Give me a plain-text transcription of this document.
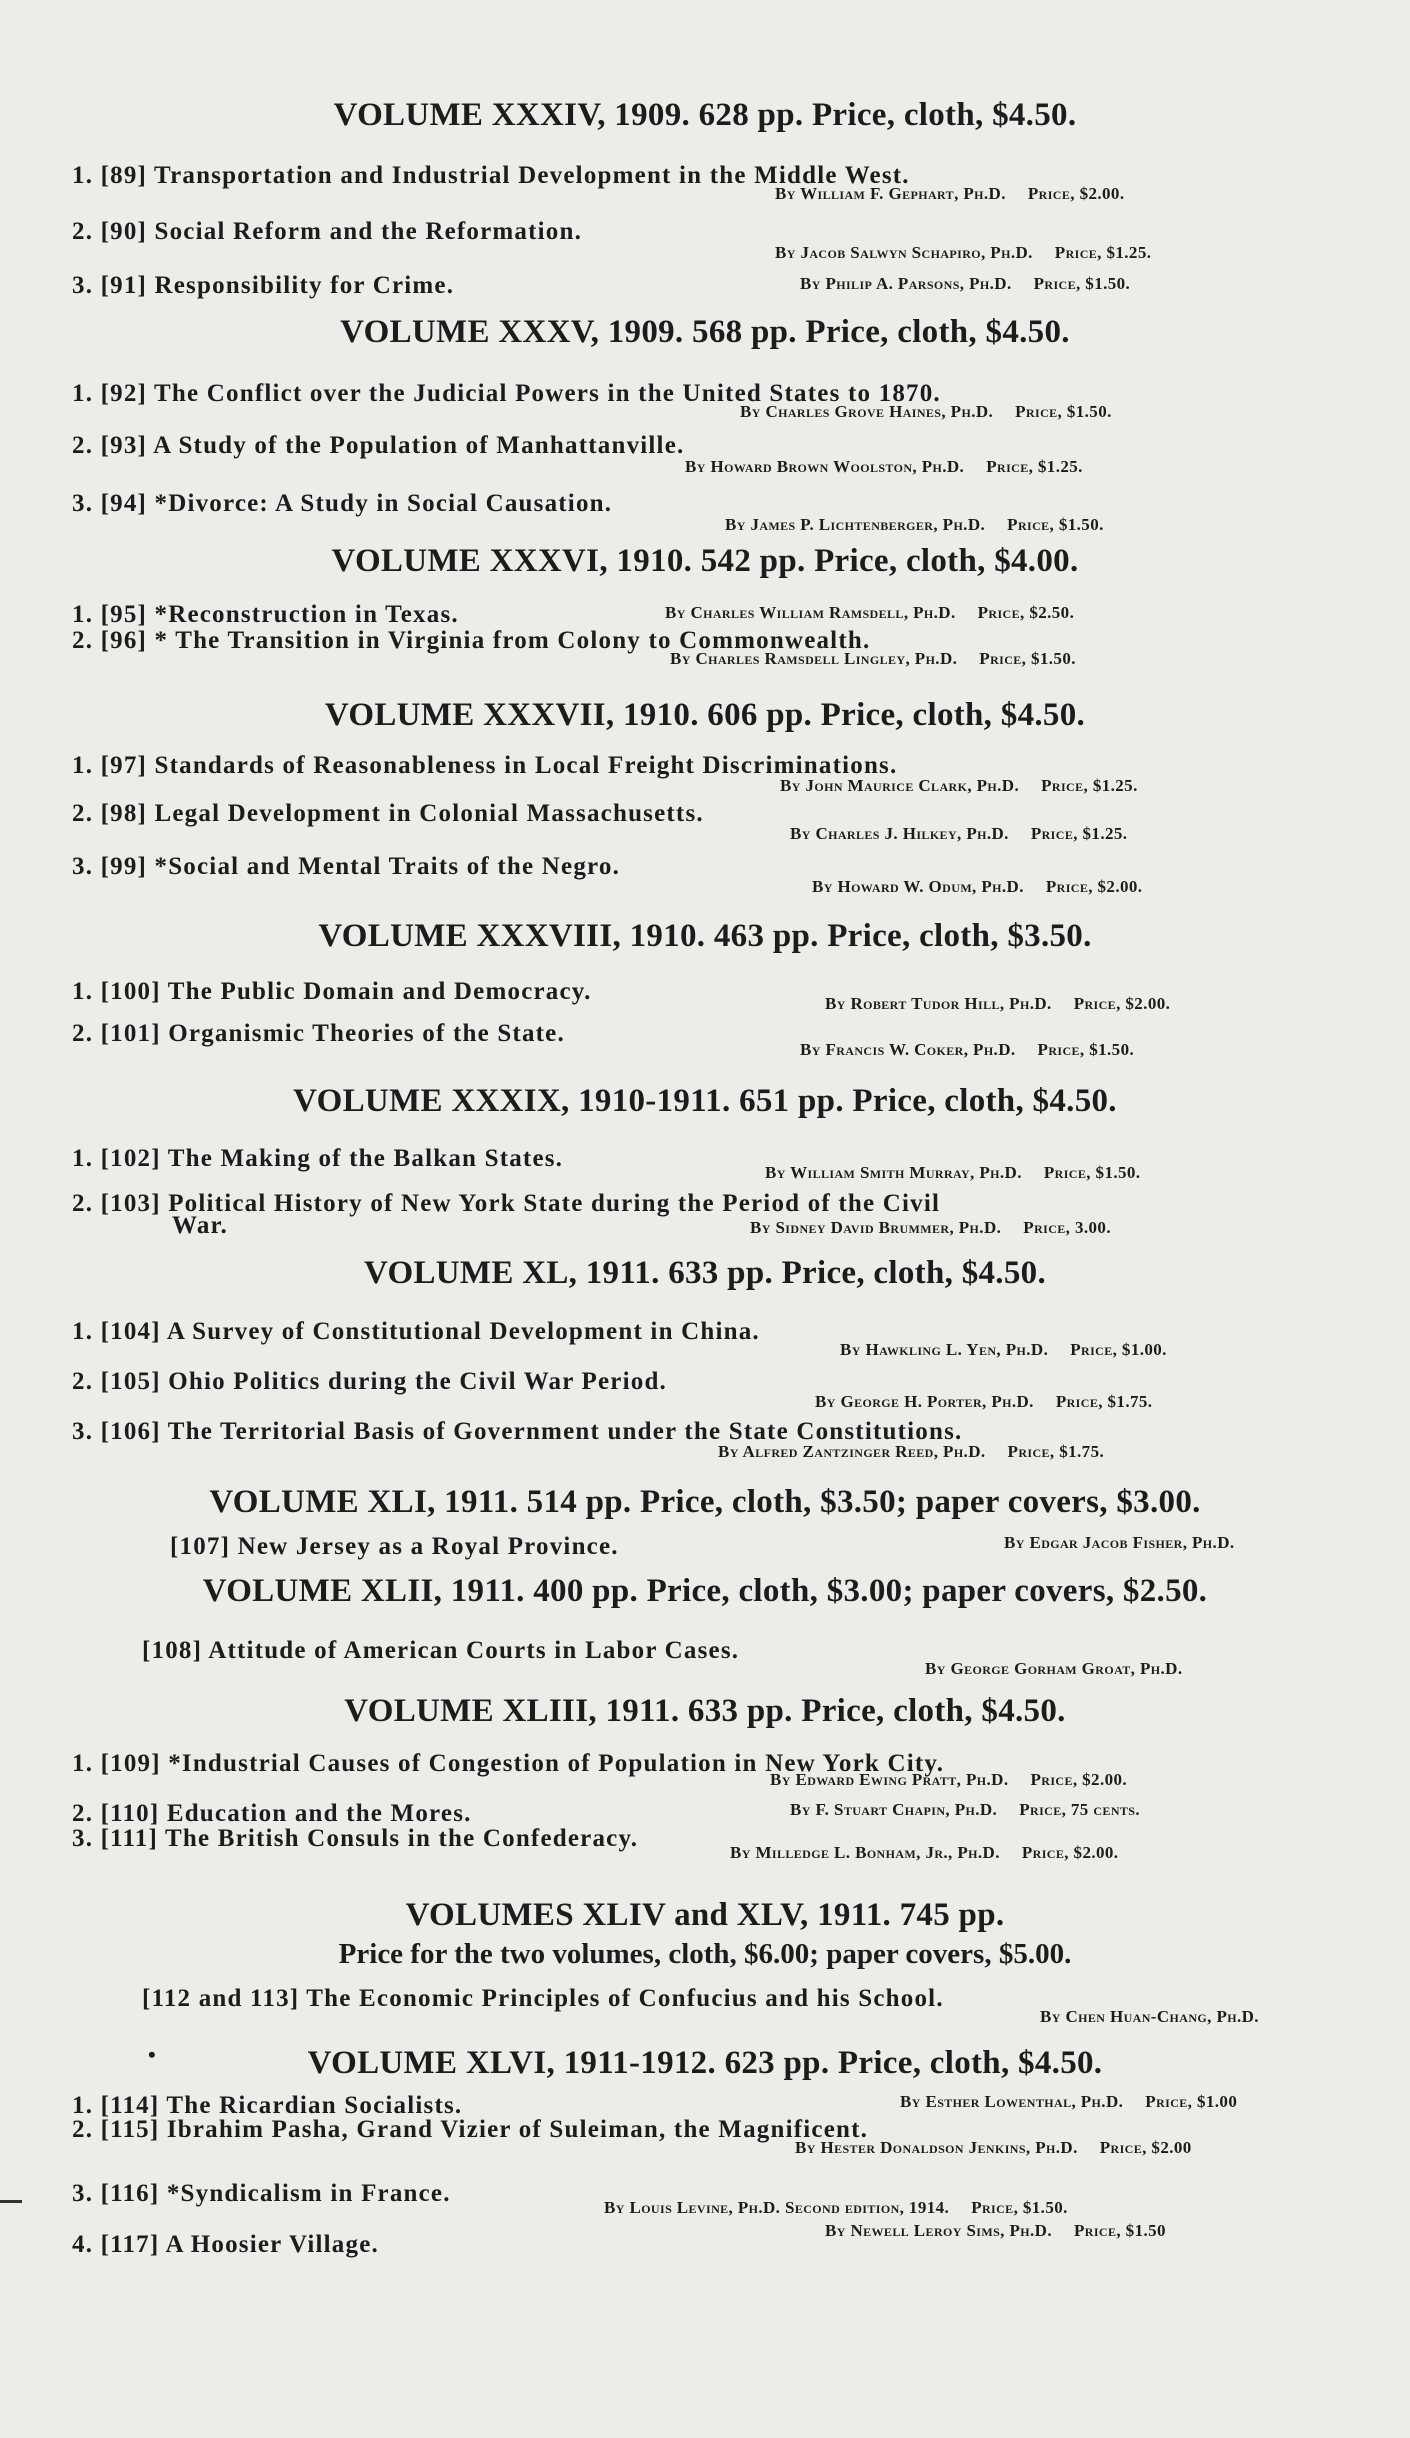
VOLUME XXXIV, 1909. 628 pp. Price, cloth, $4.50.
1. [89] Transportation and Industrial Development in the Middle West.
By William F. Gephart, Ph.D. Price, $2.00.
2. [90] Social Reform and the Reformation.
By Jacob Salwyn Schapiro, Ph.D. Price, $1.25.
3. [91] Responsibility for Crime.	By Philip A. Parsons, Ph.D. Price, $1.50.
VOLUME XXXV, 1909. 568 pp. Price, cloth, $4.50.
1. [92] The Conflict over the Judicial Powers in the United States to 1870.
By Charles Grove Haines, Ph.D. Price, $1.50.
2. [93] A Study of the Population of Manhattanville.
By Howard Brown Woolston, Ph.D. Price, $1.25.
3. [94] *Divorce: A Study in Social Causation.
By James P. Lichtenberger, Ph.D. Price, $1.50.
VOLUME XXXVI, 1910. 542 pp. Price, cloth, $4.00.
1. [95] *Reconstruction in Texas.	By Charles William Ramsdell, Ph.D. Price, $2.50.
2. [96] * The Transition in Virginia from Colony to Commonwealth.
By Charles Ramsdell Lingley, Ph.D. Price, $1.50.
VOLUME XXXVII, 1910. 606 pp. Price, cloth, $4.50.
1. [97] Standards of Reasonableness in Local Freight Discriminations.
By John Maurice Clark, Ph.D. Price, $1.25.
2. [98] Legal Development in Colonial Massachusetts.
By Charles J. Hilkey, Ph.D. Price, $1.25.
3. [99] *Social and Mental Traits of the Negro.
By Howard W. Odum, Ph.D. Price, $2.00.
VOLUME XXXVIII, 1910. 463 pp. Price, cloth, $3.50.
1. [100] The Public Domain and Democracy.	By Robert Tudor Hill, Ph.D. Price, $2.00.
2. [101] Organismic Theories of the State.
By Francis W. Coker, Ph.D. Price, $1.50.
VOLUME XXXIX, 1910-1911. 651 pp. Price, cloth, $4.50.
1. [102] The Making of the Balkan States.
By William Smith Murray, Ph.D. Price, $1.50.
2. [103] Political History of New York State during the Period of the Civil
War.	By Sidney David Brummer, Ph.D. Price, 3.00.
VOLUME XL, 1911. 633 pp. Price, cloth, $4.50.
1. [104] A Survey of Constitutional Development in China.
By Hawkling L. Yen, Ph.D. Price, $1.00.
2. [105] Ohio Politics during the Civil War Period.
By George H. Porter, Ph.D. Price, $1.75.
3. [106] The Territorial Basis of Government under the State Constitutions.
By Alfred Zantzinger Reed, Ph.D. Price, $1.75.
VOLUME XLI, 1911. 514 pp. Price, cloth, $3.50; paper covers, $3.00.
[107] New Jersey as a Royal Province.	By Edgar Jacob Fisher, Ph.D.
VOLUME XLII, 1911. 400 pp. Price, cloth, $3.00; paper covers, $2.50.
[108] Attitude of American Courts in Labor Cases.
By George Gorham Groat, Ph.D.
VOLUME XLIII, 1911. 633 pp. Price, cloth, $4.50.
1. [109] *Industrial Causes of Congestion of Population in New York City.
By Edward Ewing Pratt, Ph.D. Price, $2.00.
2. [110] Education and the Mores.	By F. Stuart Chapin, Ph.D. Price, 75 cents.
3. [111] The British Consuls in the Confederacy.
By Milledge L. Bonham, Jr., Ph.D. Price, $2.00.
VOLUMES XLIV and XLV, 1911. 745 pp.
Price for the two volumes, cloth, $6.00; paper covers, $5.00.
[112 and 113] The Economic Principles of Confucius and his School.
By Chen Huan-Chang, Ph.D.
•	VOLUME XLVI, 1911-1912. 623 pp. Price, cloth, $4.50.
1. [114] The Ricardian Socialists.	By Esther Lowenthal, Ph.D. Price, $1.00
2. [115] Ibrahim Pasha, Grand Vizier of Suleiman, the Magnificent.
By Hester Donaldson Jenkins, Ph.D. Price, $2.00
3. [116] *Syndicalism in France.
By Louis Levine, Ph.D. Second edition, 1914. Price, $1.50.
4. [117] A Hoosier Village.
By Newell Leroy Sims, Ph.D. Price, $1.50
